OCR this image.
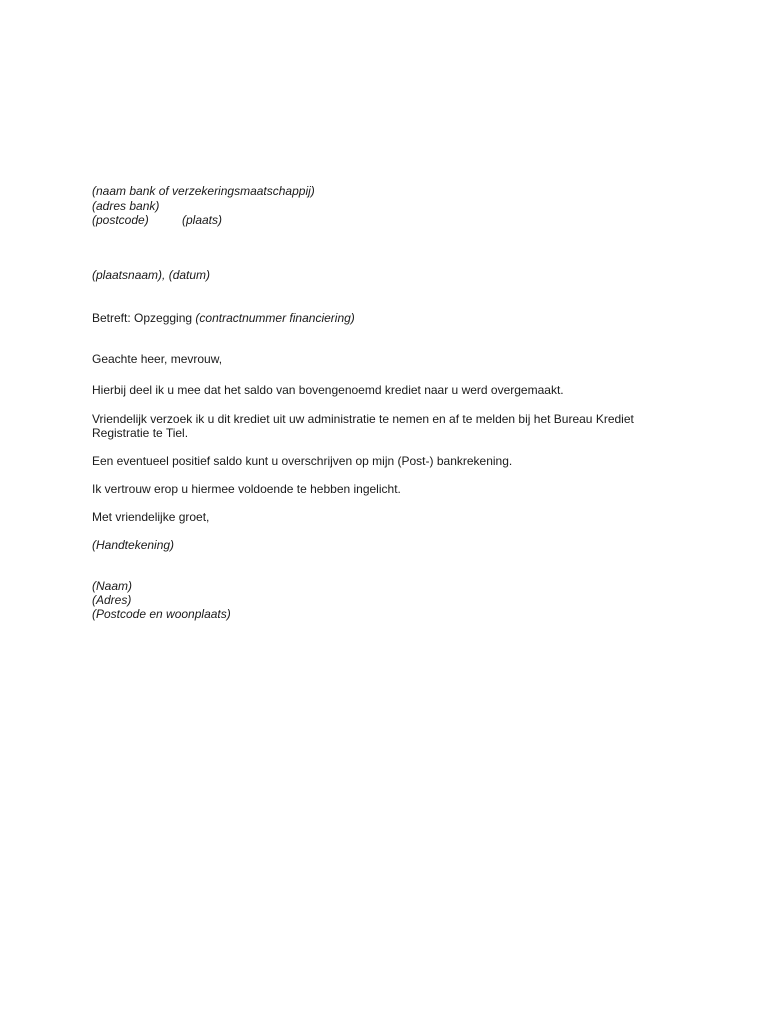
(naam bank of verzekeringsmaatschappij)
(adres bank)
(postcode)	(plaats)
(plaatsnaam), (datum)
Betreft: Opzegging (contractnummer financiering)
Geachte heer, mevrouw,
Hierbij deel ik u mee dat het saldo van bovengenoemd krediet naar u werd overgemaakt.
Vriendelijk verzoek ik u dit krediet uit uw administratie te nemen en af te melden bij het Bureau Krediet Registratie te Tiel.
Een eventueel positief saldo kunt u overschrijven op mijn (Post-) bankrekening.
Ik vertrouw erop u hiermee voldoende te hebben ingelicht.
Met vriendelijke groet,
(Handtekening)
(Naam)
(Adres)
(Postcode en woonplaats)
